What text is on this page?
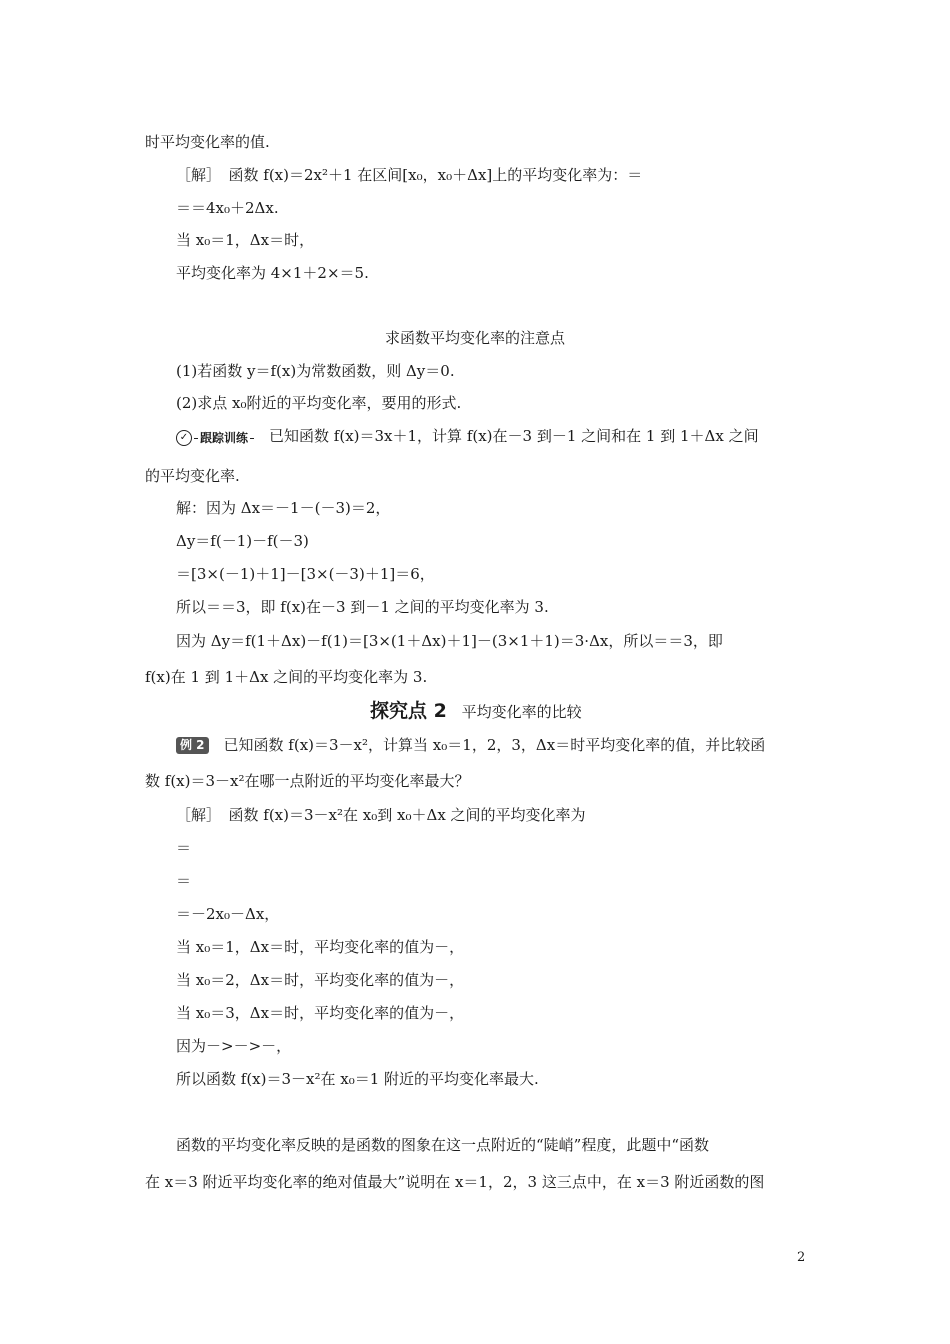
时平均变化率的值.
［解］　函数 f(x)＝2x²＋1 在区间[x₀，x₀＋Δx]上的平均变化率为：＝
＝＝4x₀＋2Δx.
当 x₀＝1，Δx＝时，
平均变化率为 4×1＋2×＝5.
求函数平均变化率的注意点
(1)若函数 y＝f(x)为常数函数，则 Δy＝0.
(2)求点 x₀附近的平均变化率，要用的形式.
✓ 跟踪训练 　已知函数 f(x)＝3x＋1，计算 f(x)在－3 到－1 之间和在 1 到 1＋Δx 之间
的平均变化率.
解：因为 Δx＝－1－(－3)＝2，
Δy＝f(－1)－f(－3)
＝[3×(－1)＋1]－[3×(－3)＋1]＝6，
所以＝＝3，即 f(x)在－3 到－1 之间的平均变化率为 3.
因为 Δy＝f(1＋Δx)－f(1)＝[3×(1＋Δx)＋1]－(3×1＋1)＝3·Δx，所以＝＝3，即
f(x)在 1 到 1＋Δx 之间的平均变化率为 3.
探究点 2 平均变化率的比较
例 2　已知函数 f(x)＝3－x²，计算当 x₀＝1，2，3，Δx＝时平均变化率的值，并比较函
数 f(x)＝3－x²在哪一点附近的平均变化率最大？
［解］　函数 f(x)＝3－x²在 x₀到 x₀＋Δx 之间的平均变化率为
＝
＝
＝－2x₀－Δx，
当 x₀＝1，Δx＝时，平均变化率的值为－，
当 x₀＝2，Δx＝时，平均变化率的值为－，
当 x₀＝3，Δx＝时，平均变化率的值为－，
因为－>－>－，
所以函数 f(x)＝3－x²在 x₀＝1 附近的平均变化率最大.
函数的平均变化率反映的是函数的图象在这一点附近的“陡峭”程度，此题中“函数
在 x＝3 附近平均变化率的绝对值最大”说明在 x＝1，2，3 这三点中，在 x＝3 附近函数的图
2
